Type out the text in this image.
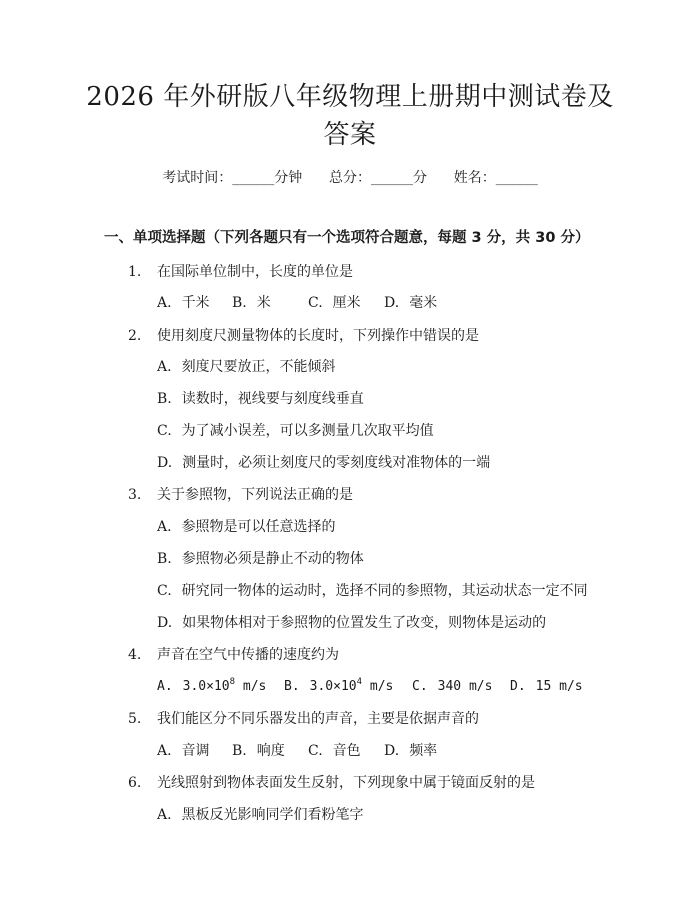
2026 年外研版八年级物理上册期中测试卷及
答案
考试时间：______分钟 总分：______分 姓名：______
一、单项选择题（下列各题只有一个选项符合题意，每题 3 分，共 30 分）
1. 在国际单位制中，长度的单位是
A. 千米 B. 米	C. 厘米 D. 毫米
2. 使用刻度尺测量物体的长度时，下列操作中错误的是
A. 刻度尺要放正，不能倾斜
B. 读数时，视线要与刻度线垂直
C. 为了减小误差，可以多测量几次取平均值
D. 测量时，必须让刻度尺的零刻度线对准物体的一端
3. 关于参照物，下列说法正确的是
A. 参照物是可以任意选择的
B. 参照物必须是静止不动的物体
C. 研究同一物体的运动时，选择不同的参照物，其运动状态一定不同
D. 如果物体相对于参照物的位置发生了改变，则物体是运动的
4. 声音在空气中传播的速度约为
A. $3.0\times 10^8$ m/s B. $3.0\times 10^4$ m/s C. 340 m/s D. 15 m/s
5. 我们能区分不同乐器发出的声音，主要是依据声音的
A. 音调 B. 响度 C. 音色 D. 频率
6. 光线照射到物体表面发生反射，下列现象中属于镜面反射的是
A. 黑板反光影响同学们看粉笔字
